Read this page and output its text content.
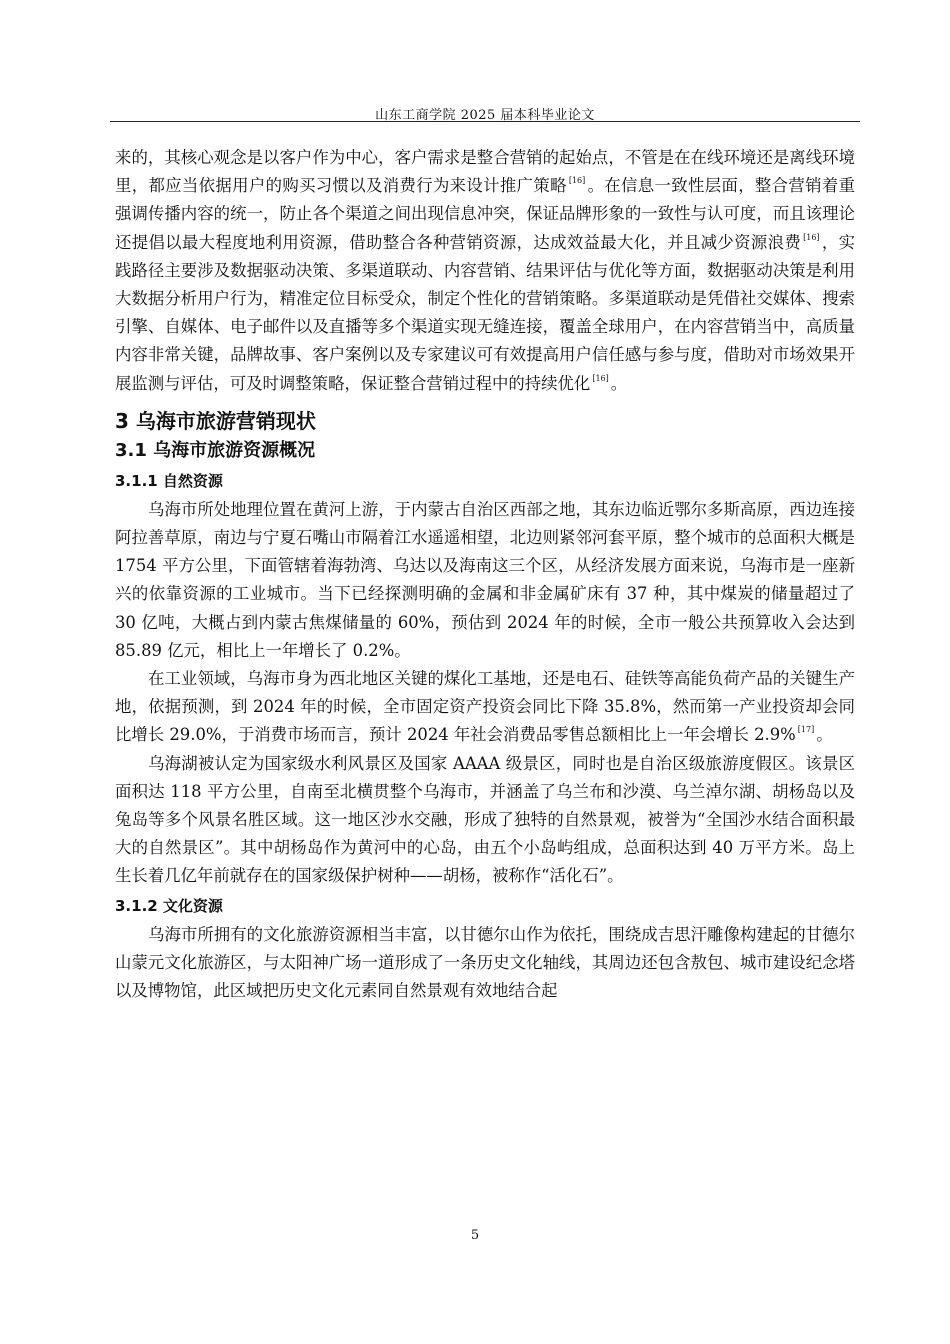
山东工商学院 2025 届本科毕业论文

来的，其核心观念是以客户作为中心，客户需求是整合营销的起始点，不管是在在线环境还是离线环境里，都应当依据用户的购买习惯以及消费行为来设计推广策略 [16] 。在信息一致性层面，整合营销着重强调传播内容的统一，防止各个渠道之间出现信息冲突，保证品牌形象的一致性与认可度，而且该理论还提倡以最大程度地利用资源，借助整合各种营销资源，达成效益最大化，并且减少资源浪费 [16] ，实践路径主要涉及数据驱动决策、多渠道联动、内容营销、结果评估与优化等方面，数据驱动决策是利用大数据分析用户行为，精准定位目标受众，制定个性化的营销策略。多渠道联动是凭借社交媒体、搜索引擎、自媒体、电子邮件以及直播等多个渠道实现无缝连接，覆盖全球用户，在内容营销当中，高质量内容非常关键，品牌故事、客户案例以及专家建议可有效提高用户信任感与参与度，借助对市场效果开展监测与评估，可及时调整策略，保证整合营销过程中的持续优化 [16] 。

3 乌海市旅游营销现状
3.1 乌海市旅游资源概况
3.1.1 自然资源

乌海市所处地理位置在黄河上游，于内蒙古自治区西部之地，其东边临近鄂尔多斯高原，西边连接阿拉善草原，南边与宁夏石嘴山市隔着江水遥遥相望，北边则紧邻河套平原，整个城市的总面积大概是 1754 平方公里，下面管辖着海勃湾、乌达以及海南这三个区，从经济发展方面来说，乌海市是一座新兴的依靠资源的工业城市。当下已经探测明确的金属和非金属矿床有 37 种，其中煤炭的储量超过了 30 亿吨，大概占到内蒙古焦煤储量的 60%，预估到 2024 年的时候，全市一般公共预算收入会达到 85.89 亿元，相比上一年增长了 0.2%。

在工业领域，乌海市身为西北地区关键的煤化工基地，还是电石、硅铁等高能负荷产品的关键生产地，依据预测，到 2024 年的时候，全市固定资产投资会同比下降 35.8%，然而第一产业投资却会同比增长 29.0%，于消费市场而言，预计 2024 年社会消费品零售总额相比上一年会增长 2.9% [17] 。

乌海湖被认定为国家级水利风景区及国家 AAAA 级景区，同时也是自治区级旅游度假区。该景区面积达 118 平方公里，自南至北横贯整个乌海市，并涵盖了乌兰布和沙漠、乌兰淖尔湖、胡杨岛以及兔岛等多个风景名胜区域。这一地区沙水交融，形成了独特的自然景观，被誉为“全国沙水结合面积最大的自然景区”。其中胡杨岛作为黄河中的心岛，由五个小岛屿组成，总面积达到 40 万平方米。岛上生长着几亿年前就存在的国家级保护树种——胡杨，被称作“活化石”。

3.1.2 文化资源

乌海市所拥有的文化旅游资源相当丰富，以甘德尔山作为依托，围绕成吉思汗雕像构建起的甘德尔山蒙元文化旅游区，与太阳神广场一道形成了一条历史文化轴线，其周边还包含敖包、城市建设纪念塔以及博物馆，此区域把历史文化元素同自然景观有效地结合起

5
